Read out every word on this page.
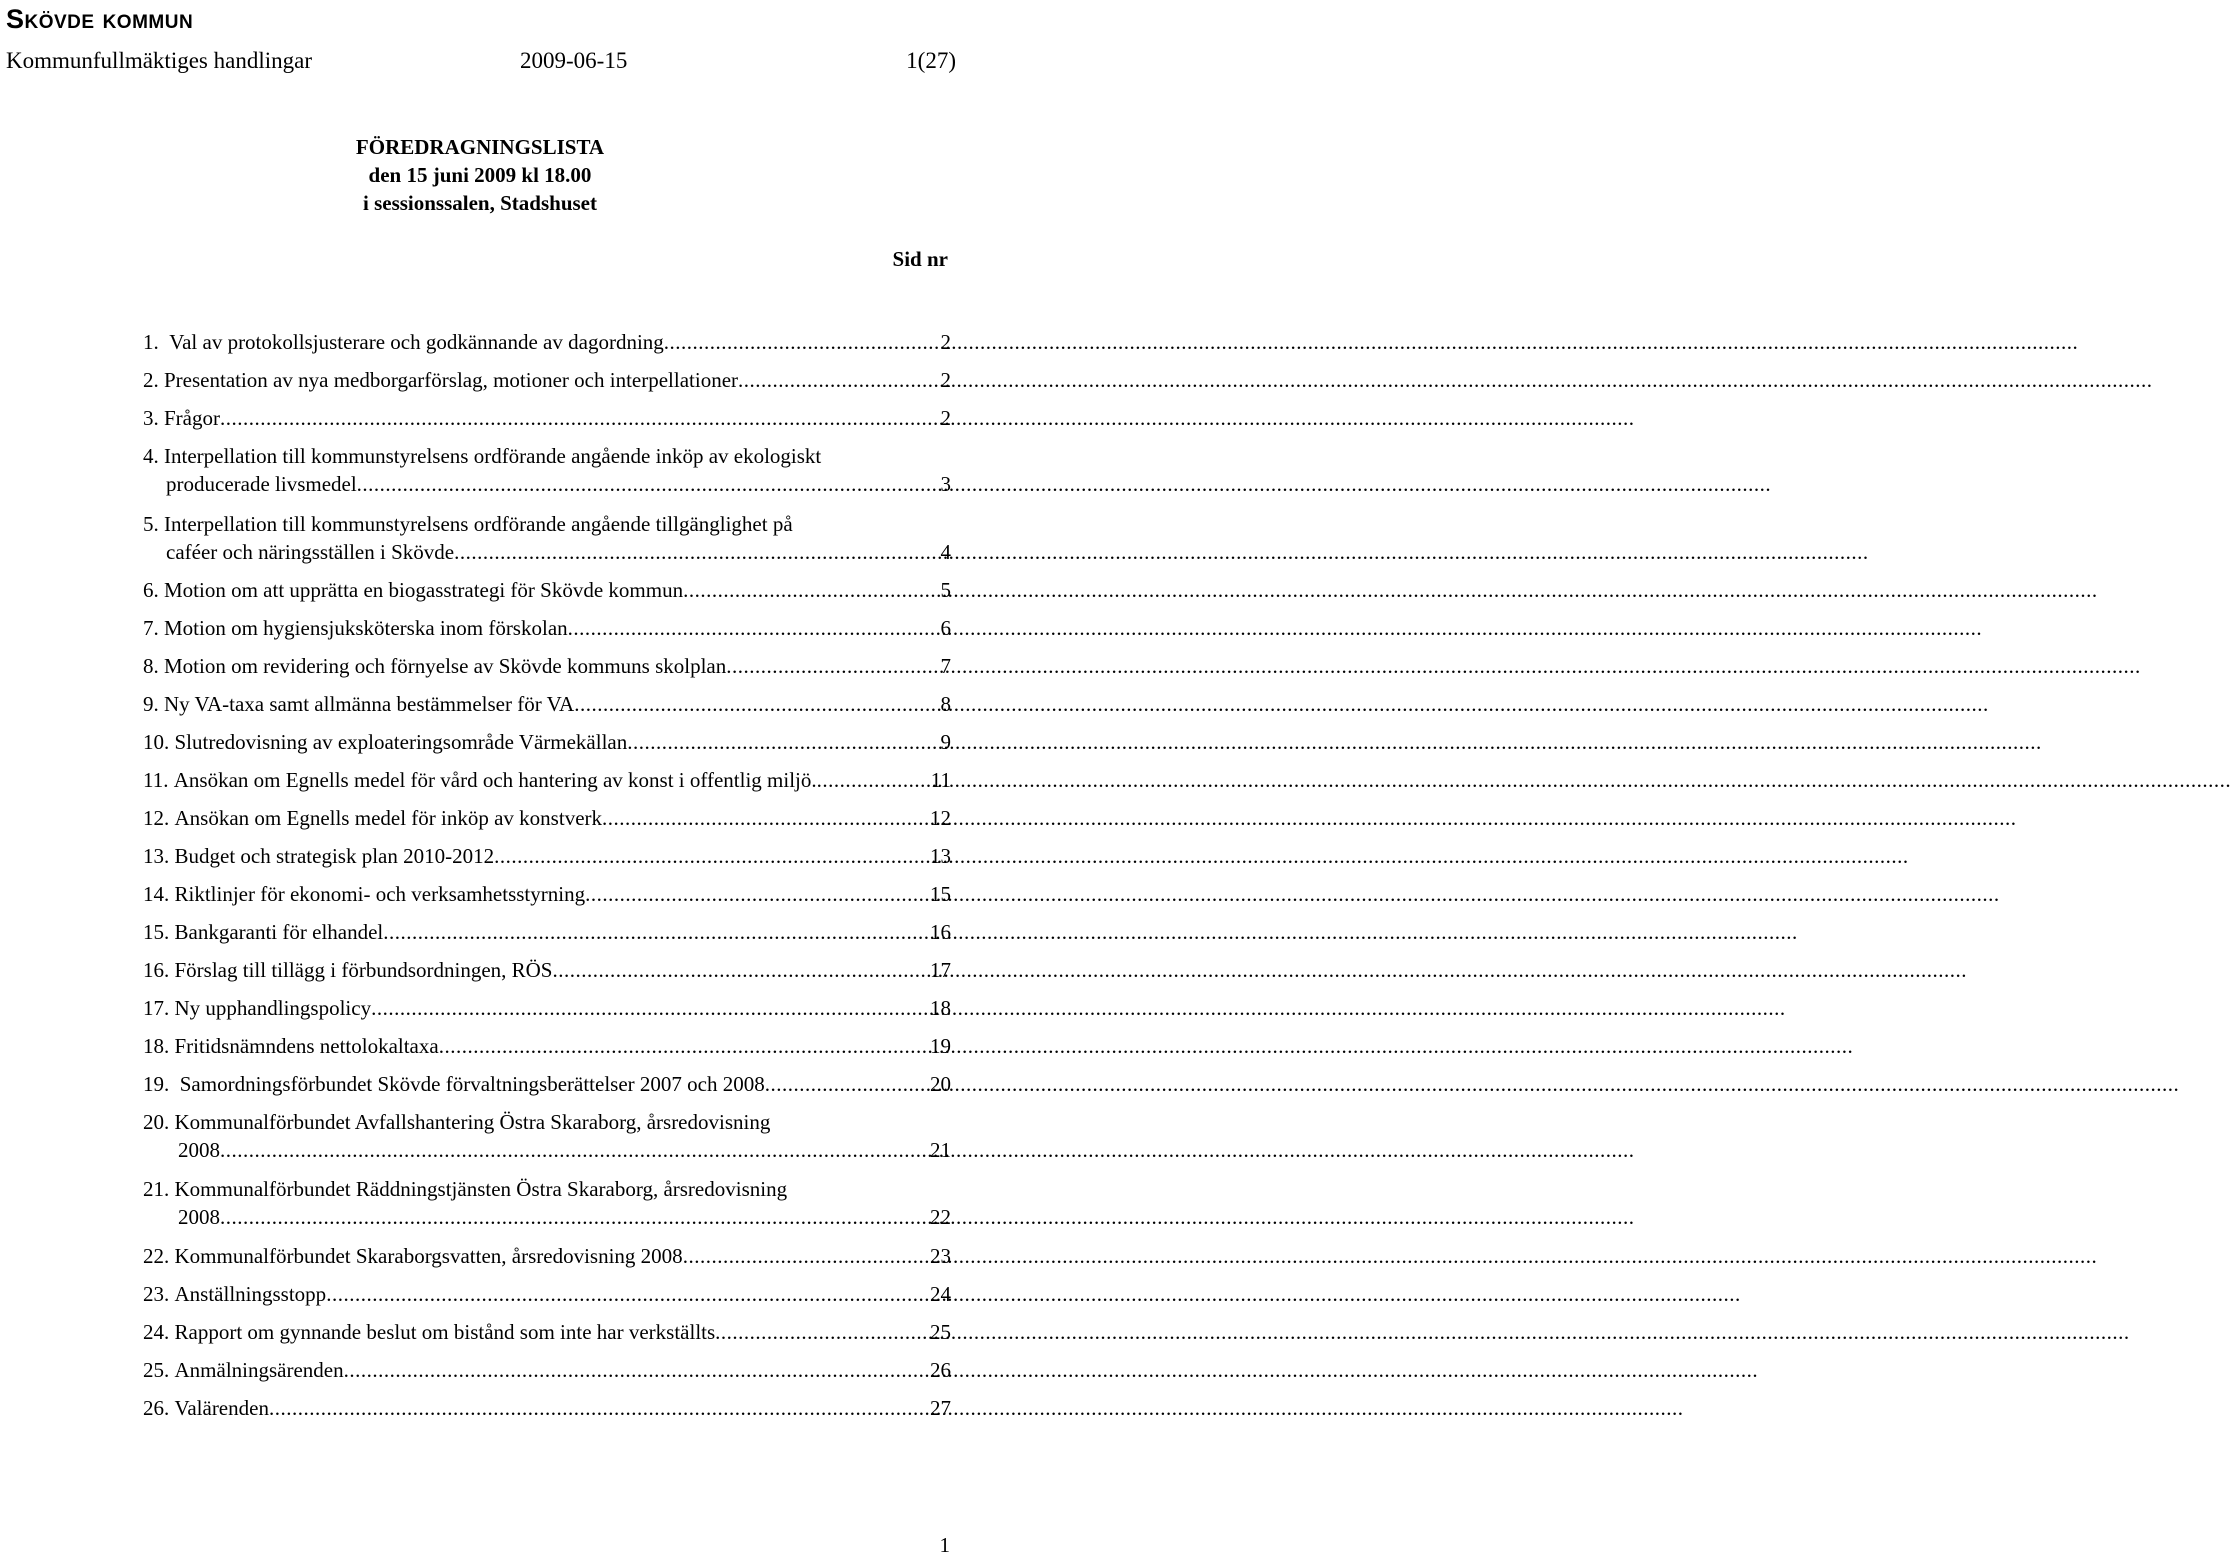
Skövde kommun
Kommunfullmäktiges handlingar	2009-06-15	1(27)
FÖREDRAGNINGSLISTA
den 15 juni 2009 kl 18.00
i sessionssalen, Stadshuset
Sid nr
1. Val av protokollsjusterare och godkännande av dagordning .....	2
2. Presentation av nya medborgarförslag, motioner och interpellationer .....	2
3. Frågor .....	2
4. Interpellation till kommunstyrelsens ordförande angående inköp av ekologiskt
producerade livsmedel .....	3
5. Interpellation till kommunstyrelsens ordförande angående tillgänglighet på
caféer och näringsställen i Skövde .....	4
6. Motion om att upprätta en biogasstrategi för Skövde kommun .....	5
7. Motion om hygiensjuksköterska inom förskolan .....	6
8. Motion om revidering och förnyelse av Skövde kommuns skolplan .....	7
9. Ny VA-taxa samt allmänna bestämmelser för VA .....	8
10. Slutredovisning av exploateringsområde Värmekällan .....	9
11. Ansökan om Egnells medel för vård och hantering av konst i offentlig miljö. .....	11
12. Ansökan om Egnells medel för inköp av konstverk .....	12
13. Budget och strategisk plan 2010-2012 .....	13
14. Riktlinjer för ekonomi- och verksamhetsstyrning .....	15
15. Bankgaranti för elhandel .....	16
16. Förslag till tillägg i förbundsordningen, RÖS .....	17
17. Ny upphandlingspolicy .....	18
18. Fritidsnämndens nettolokaltaxa .....	19
19. Samordningsförbundet Skövde förvaltningsberättelser 2007 och 2008 .....	20
20. Kommunalförbundet Avfallshantering Östra Skaraborg, årsredovisning
2008 .....	21
21. Kommunalförbundet Räddningstjänsten Östra Skaraborg, årsredovisning
2008 .....	22
22. Kommunalförbundet Skaraborgsvatten, årsredovisning 2008 .....	23
23. Anställningsstopp .....	24
24. Rapport om gynnande beslut om bistånd som inte har verkställts .....	25
25. Anmälningsärenden .....	26
26. Valärenden .....	27
1
